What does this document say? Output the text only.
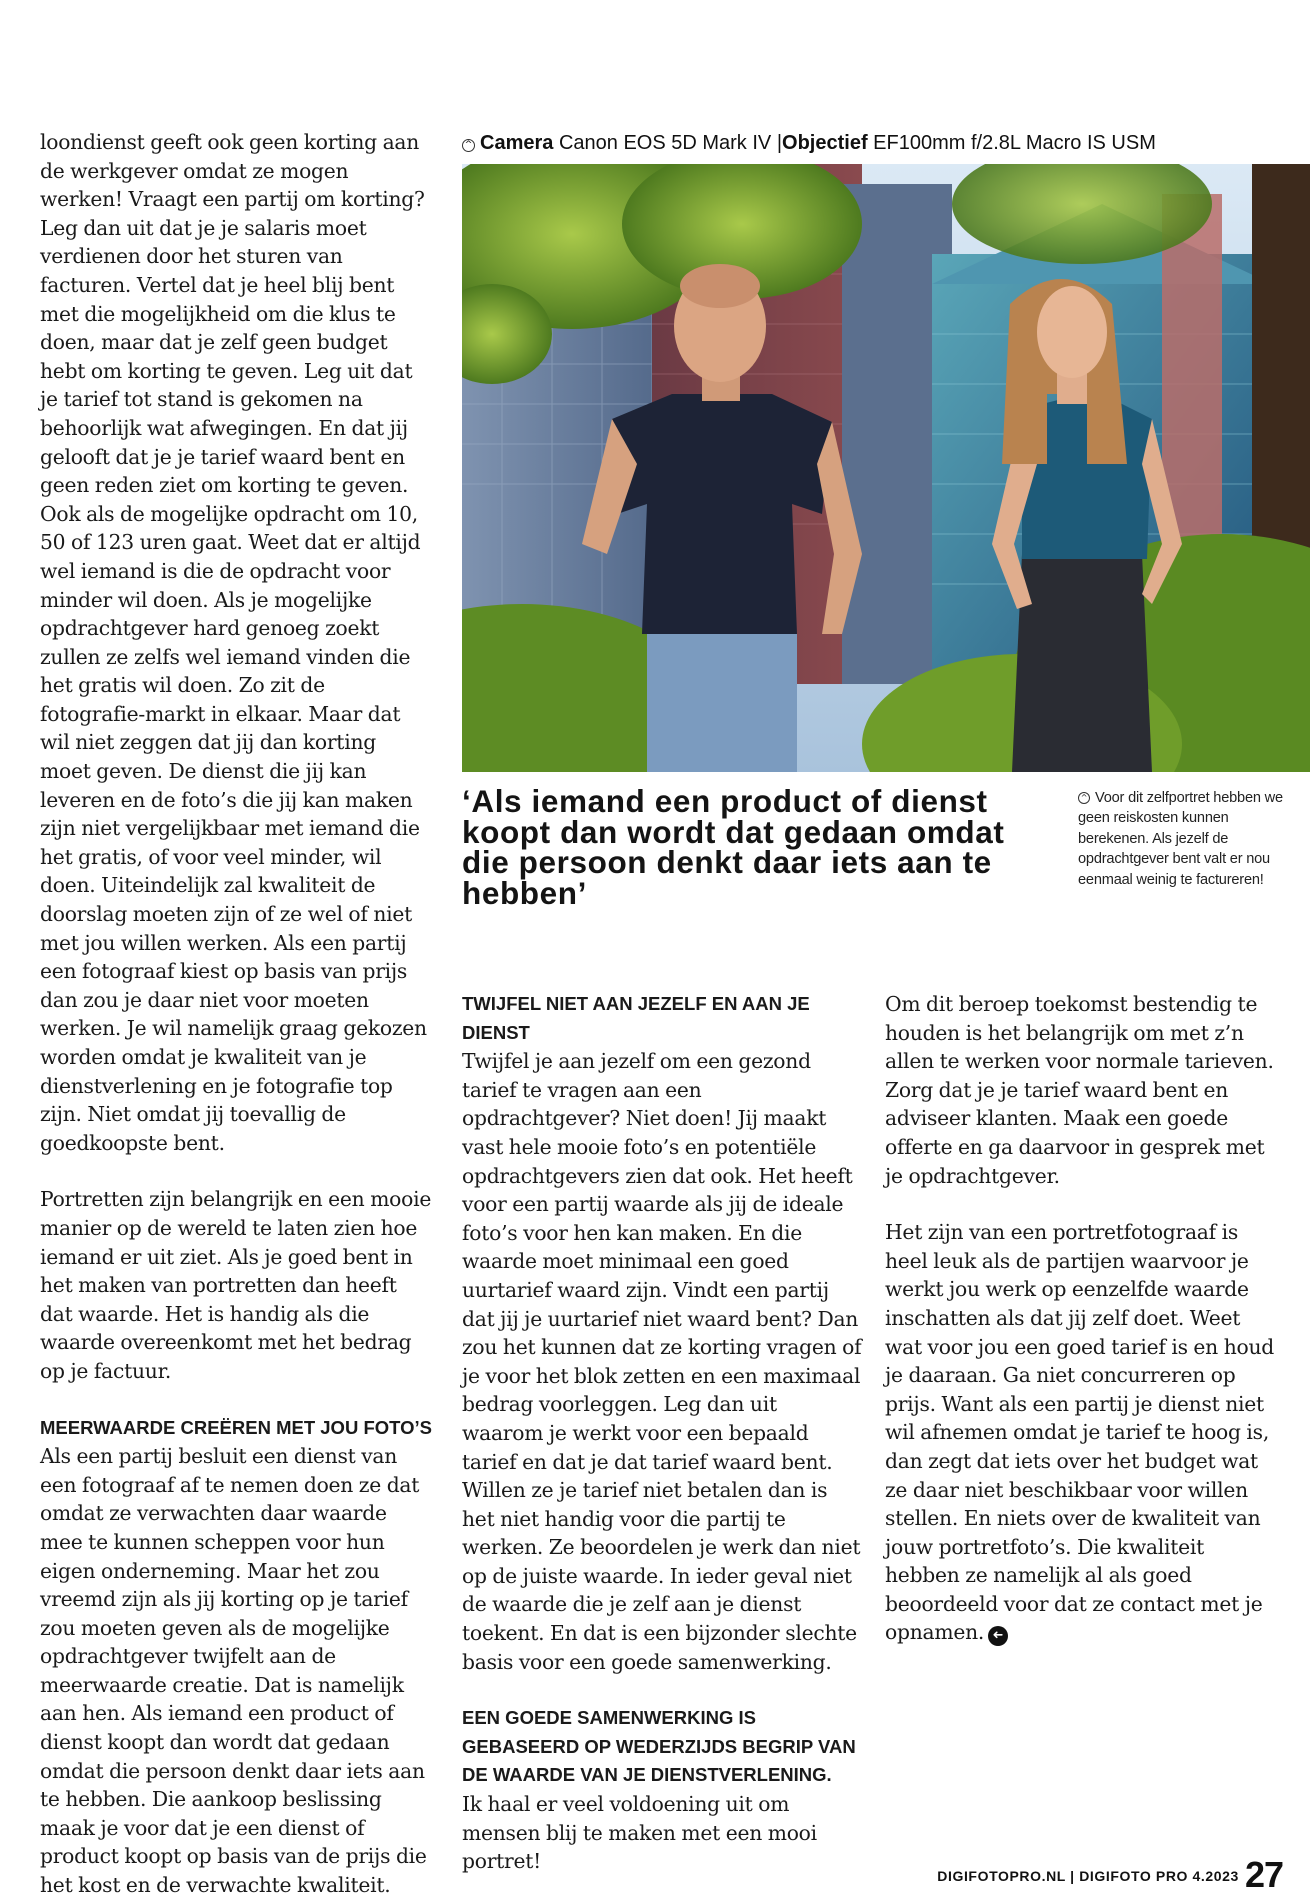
^ Camera Canon EOS 5D Mark IV |Objectief EF100mm f/2.8L Macro IS USM
‘Als iemand een product of dienst koopt dan wordt dat gedaan omdat die persoon denkt daar iets aan te hebben’
^ Voor dit zelfportret hebben we geen reiskosten kunnen berekenen. Als jezelf de opdrachtgever bent valt er nou eenmaal weinig te factureren!

loondienst geeft ook geen korting aan de werkgever omdat ze mogen werken! Vraagt een partij om korting? Leg dan uit dat je je salaris moet verdienen door het sturen van facturen. Vertel dat je heel blij bent met die mogelijkheid om die klus te doen, maar dat je zelf geen budget hebt om korting te geven. Leg uit dat je tarief tot stand is gekomen na behoorlijk wat afwegingen. En dat jij gelooft dat je je tarief waard bent en geen reden ziet om korting te geven. Ook als de mogelijke opdracht om 10, 50 of 123 uren gaat. Weet dat er altijd wel iemand is die de opdracht voor minder wil doen. Als je mogelijke opdrachtgever hard genoeg zoekt zullen ze zelfs wel iemand vinden die het gratis wil doen. Zo zit de fotografie-markt in elkaar. Maar dat wil niet zeggen dat jij dan korting moet geven. De dienst die jij kan leveren en de foto’s die jij kan maken zijn niet vergelijkbaar met iemand die het gratis, of voor veel minder, wil doen. Uiteindelijk zal kwaliteit de doorslag moeten zijn of ze wel of niet met jou willen werken. Als een partij een fotograaf kiest op basis van prijs dan zou je daar niet voor moeten werken. Je wil namelijk graag gekozen worden omdat je kwaliteit van je dienstverlening en je fotografie top zijn. Niet omdat jij toevallig de goedkoopste bent.

Portretten zijn belangrijk en een mooie manier op de wereld te laten zien hoe iemand er uit ziet. Als je goed bent in het maken van portretten dan heeft dat waarde. Het is handig als die waarde overeenkomt met het bedrag op je factuur.

MEERWAARDE CREËREN MET JOU FOTO’S

Als een partij besluit een dienst van een fotograaf af te nemen doen ze dat omdat ze verwachten daar waarde mee te kunnen scheppen voor hun eigen onderneming. Maar het zou vreemd zijn als jij korting op je tarief zou moeten geven als de mogelijke opdrachtgever twijfelt aan de meerwaarde creatie. Dat is namelijk aan hen. Als iemand een product of dienst koopt dan wordt dat gedaan omdat die persoon denkt daar iets aan te hebben. Die aankoop beslissing maak je voor dat je een dienst of product koopt op basis van de prijs die het kost en de verwachte kwaliteit.

TWIJFEL NIET AAN JEZELF EN AAN JE DIENST

Twijfel je aan jezelf om een gezond tarief te vragen aan een opdrachtgever? Niet doen! Jij maakt vast hele mooie foto’s en potentiële opdrachtgevers zien dat ook. Het heeft voor een partij waarde als jij de ideale foto’s voor hen kan maken. En die waarde moet minimaal een goed uurtarief waard zijn. Vindt een partij dat jij je uurtarief niet waard bent? Dan zou het kunnen dat ze korting vragen of je voor het blok zetten en een maximaal bedrag voorleggen. Leg dan uit waarom je werkt voor een bepaald tarief en dat je dat tarief waard bent. Willen ze je tarief niet betalen dan is het niet handig voor die partij te werken. Ze beoordelen je werk dan niet op de juiste waarde. In ieder geval niet de waarde die je zelf aan je dienst toekent. En dat is een bijzonder slechte basis voor een goede samenwerking.

EEN GOEDE SAMENWERKING IS GEBASEERD OP WEDERZIJDS BEGRIP VAN DE WAARDE VAN JE DIENSTVERLENING.

Ik haal er veel voldoening uit om mensen blij te maken met een mooi portret!

Om dit beroep toekomst bestendig te houden is het belangrijk om met z’n allen te werken voor normale tarieven. Zorg dat je je tarief waard bent en adviseer klanten. Maak een goede offerte en ga daarvoor in gesprek met je opdrachtgever.

Het zijn van een portretfotograaf is heel leuk als de partijen waarvoor je werkt jou werk op eenzelfde waarde inschatten als dat jij zelf doet. Weet wat voor jou een goed tarief is en houd je daaraan. Ga niet concurreren op prijs. Want als een partij je dienst niet wil afnemen omdat je tarief te hoog is, dan zegt dat iets over het budget wat ze daar niet beschikbaar voor willen stellen. En niets over de kwaliteit van jouw portretfoto’s. Die kwaliteit hebben ze namelijk al als goed beoordeeld voor dat ze contact met je opnamen. ➜

DIGIFOTOPRO.NL | DIGIFOTO PRO 4.2023 27
